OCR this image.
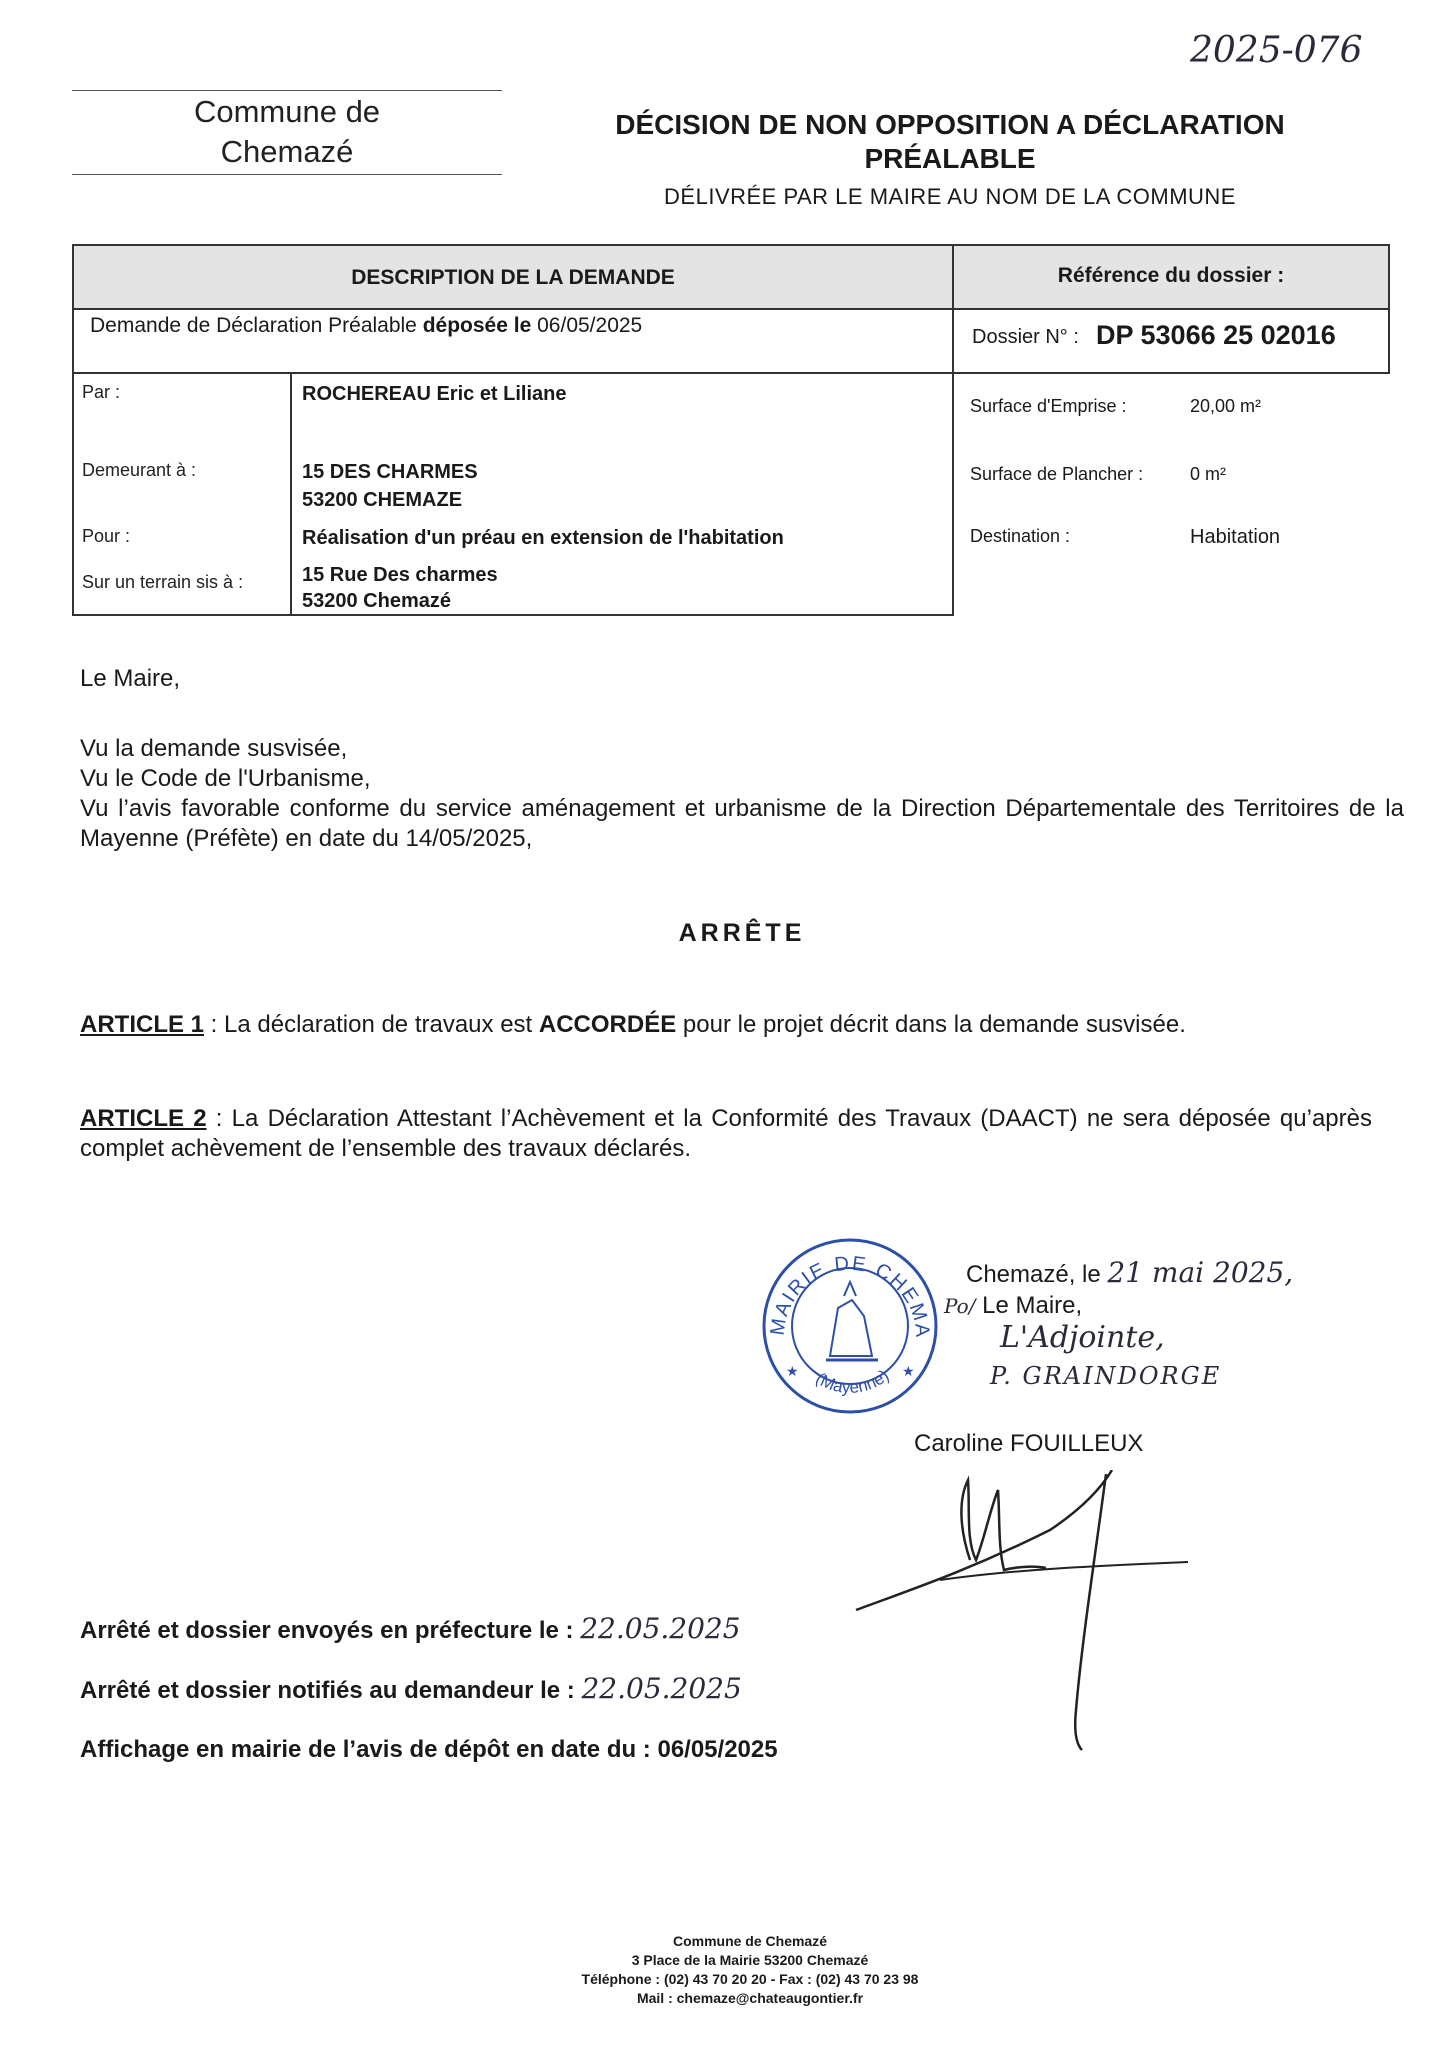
2025-076
Commune de
Chemazé
DÉCISION DE NON OPPOSITION A DÉCLARATION
PRÉALABLE
DÉLIVRÉE PAR LE MAIRE AU NOM DE LA COMMUNE
DESCRIPTION DE LA DEMANDE	Référence du dossier :
Demande de Déclaration Préalable déposée le 06/05/2025	Dossier N° : DP 53066 25 02016
Par :	ROCHEREAU Eric et Liliane
Demeurant à :	15 DES CHARMES
53200 CHEMAZE
Pour :	Réalisation d'un préau en extension de l'habitation
Sur un terrain sis à :	15 Rue Des charmes
53200 Chemazé
Surface d'Emprise :	20,00 m²
Surface de Plancher :	0 m²
Destination :	Habitation
Le Maire,
Vu la demande susvisée,
Vu le Code de l'Urbanisme,
Vu l’avis favorable conforme du service aménagement et urbanisme de la Direction Départementale des Territoires de la Mayenne (Préfète) en date du 14/05/2025,
ARRÊTE
ARTICLE 1 : La déclaration de travaux est ACCORDÉE pour le projet décrit dans la demande susvisée.
ARTICLE 2 : La Déclaration Attestant l’Achèvement et la Conformité des Travaux (DAACT) ne sera déposée qu’après complet achèvement de l’ensemble des travaux déclarés.
MAIRIE DE CHEMA
(Mayenne)
★	★
Chemazé, le 21 mai 2025,
Po/ Le Maire,
L'Adjointe,
P. GRAINDORGE
Caroline FOUILLEUX
Arrêté et dossier envoyés en préfecture le : 22.05.2025
Arrêté et dossier notifiés au demandeur le : 22.05.2025
Affichage en mairie de l’avis de dépôt en date du : 06/05/2025
Commune de Chemazé
3 Place de la Mairie 53200 Chemazé
Téléphone : (02) 43 70 20 20 - Fax : (02) 43 70 23 98
Mail : chemaze@chateaugontier.fr
